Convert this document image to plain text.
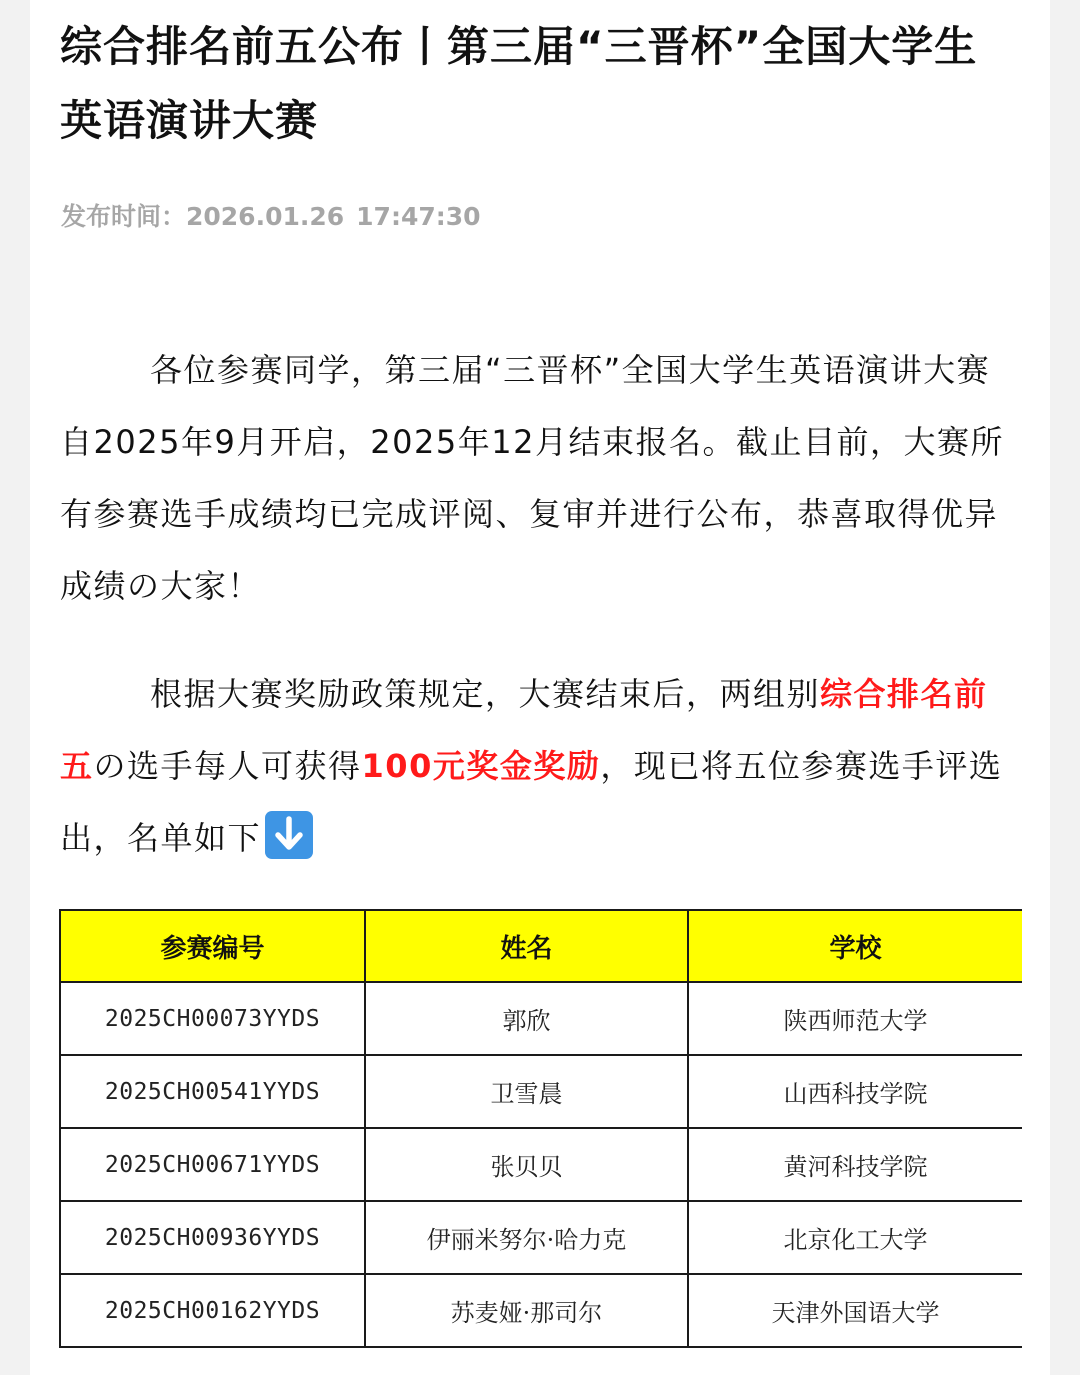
综合排名前五公布丨第三届“三晋杯”全国大学生英语演讲大赛
发布时间：2026.01.26 17:47:30

各位参赛同学，第三届“三晋杯”全国大学生英语演讲大赛自2025年9月开启，2025年12月结束报名。截止目前，大赛所有参赛选手成绩均已完成评阅、复审并进行公布，恭喜取得优异成绩の大家！

根据大赛奖励政策规定，大赛结束后，两组别综合排名前五の选手每人可获得100元奖金奖励，现已将五位参赛选手评选出，名单如下

参赛编号	姓名	学校
2025CH00073YYDS	郭欣	陕西师范大学
2025CH00541YYDS	卫雪晨	山西科技学院
2025CH00671YYDS	张贝贝	黄河科技学院
2025CH00936YYDS	伊丽米努尔·哈力克	北京化工大学
2025CH00162YYDS	苏麦娅·那司尔	天津外国语大学
